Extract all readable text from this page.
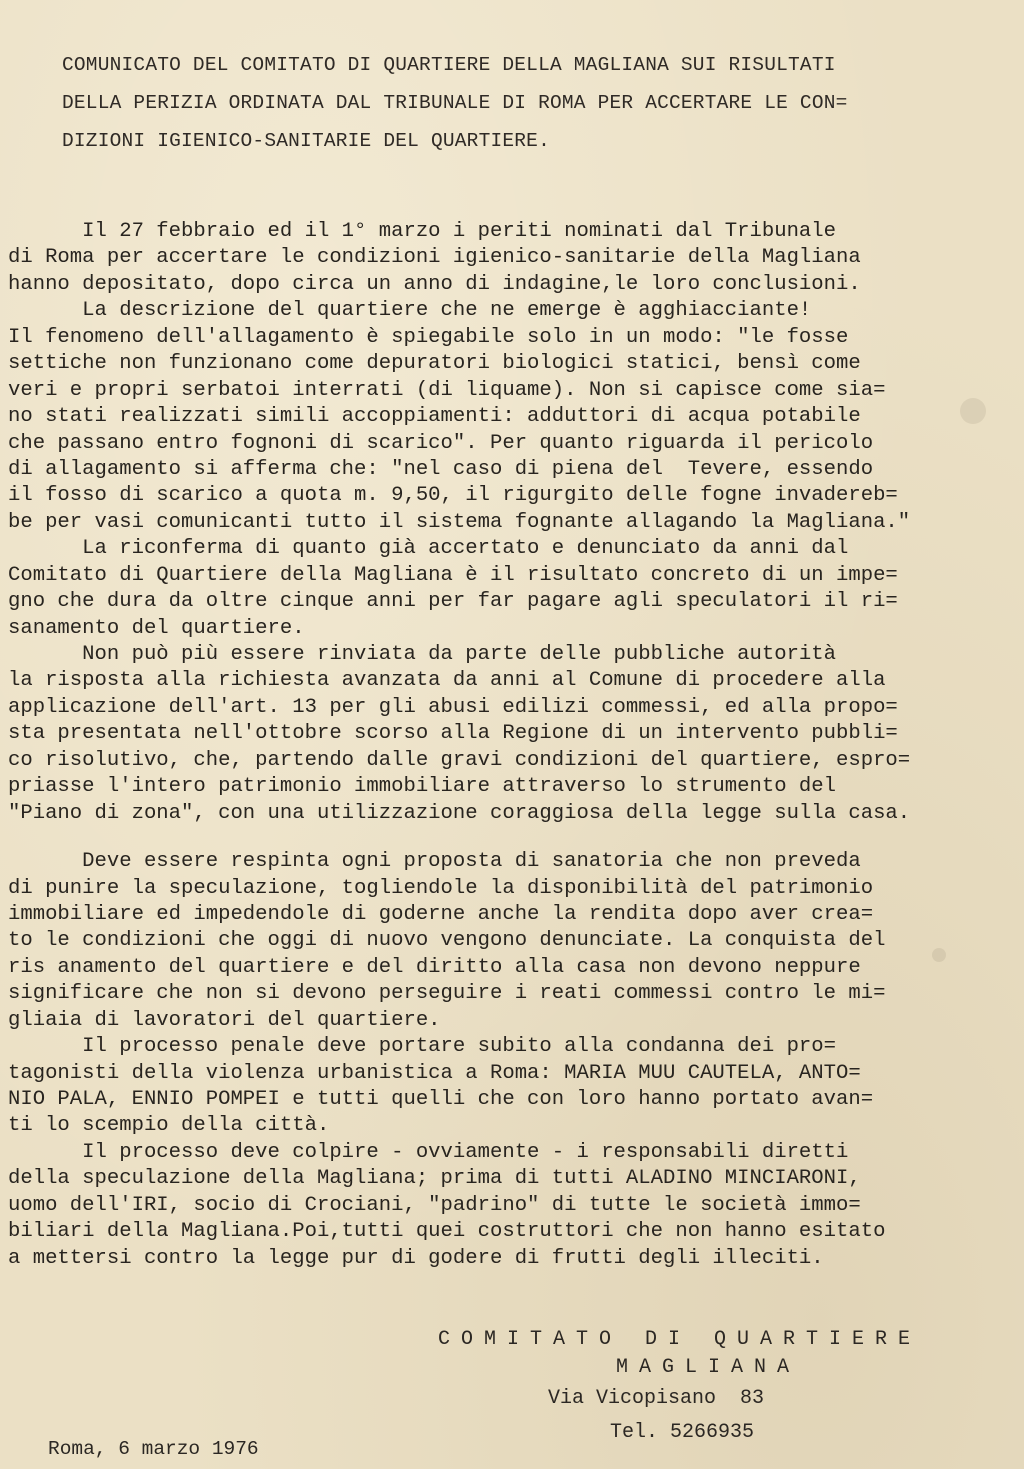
COMUNICATO DEL COMITATO DI QUARTIERE DELLA MAGLIANA SUI RISULTATI
DELLA PERIZIA ORDINATA DAL TRIBUNALE DI ROMA PER ACCERTARE LE CON=
DIZIONI IGIENICO-SANITARIE DEL QUARTIERE.
Il 27 febbraio ed il 1° marzo i periti nominati dal Tribunale
di Roma per accertare le condizioni igienico-sanitarie della Magliana
hanno depositato, dopo circa un anno di indagine,le loro conclusioni.
La descrizione del quartiere che ne emerge è agghiacciante!
Il fenomeno dell'allagamento è spiegabile solo in un modo: "le fosse
settiche non funzionano come depuratori biologici statici, bensì come
veri e propri serbatoi interrati (di liquame). Non si capisce come sia=
no stati realizzati simili accoppiamenti: adduttori di acqua potabile
che passano entro fognoni di scarico". Per quanto riguarda il pericolo
di allagamento si afferma che: "nel caso di piena del  Tevere, essendo
il fosso di scarico a quota m. 9,50, il rigurgito delle fogne invadereb=
be per vasi comunicanti tutto il sistema fognante allagando la Magliana."
La riconferma di quanto già accertato e denunciato da anni dal
Comitato di Quartiere della Magliana è il risultato concreto di un impe=
gno che dura da oltre cinque anni per far pagare agli speculatori il ri=
sanamento del quartiere.
Non può più essere rinviata da parte delle pubbliche autorità
la risposta alla richiesta avanzata da anni al Comune di procedere alla
applicazione dell'art. 13 per gli abusi edilizi commessi, ed alla propo=
sta presentata nell'ottobre scorso alla Regione di un intervento pubbli=
co risolutivo, che, partendo dalle gravi condizioni del quartiere, espro=
priasse l'intero patrimonio immobiliare attraverso lo strumento del
"Piano di zona", con una utilizzazione coraggiosa della legge sulla casa.
Deve essere respinta ogni proposta di sanatoria che non preveda
di punire la speculazione, togliendole la disponibilità del patrimonio
immobiliare ed impedendole di goderne anche la rendita dopo aver crea=
to le condizioni che oggi di nuovo vengono denunciate. La conquista del
ris anamento del quartiere e del diritto alla casa non devono neppure
significare che non si devono perseguire i reati commessi contro le mi=
gliaia di lavoratori del quartiere.
Il processo penale deve portare subito alla condanna dei pro=
tagonisti della violenza urbanistica a Roma: MARIA MUU CAUTELA, ANTO=
NIO PALA, ENNIO POMPEI e tutti quelli che con loro hanno portato avan=
ti lo scempio della città.
Il processo deve colpire - ovviamente - i responsabili diretti
della speculazione della Magliana; prima di tutti ALADINO MINCIARONI,
uomo dell'IRI, socio di Crociani, "padrino" di tutte le società immo=
biliari della Magliana.Poi,tutti quei costruttori che non hanno esitato
a mettersi contro la legge pur di godere di frutti degli illeciti.
COMITATO DI QUARTIERE
MAGLIANA
Via Vicopisano  83
Tel. 5266935
Roma, 6 marzo 1976
